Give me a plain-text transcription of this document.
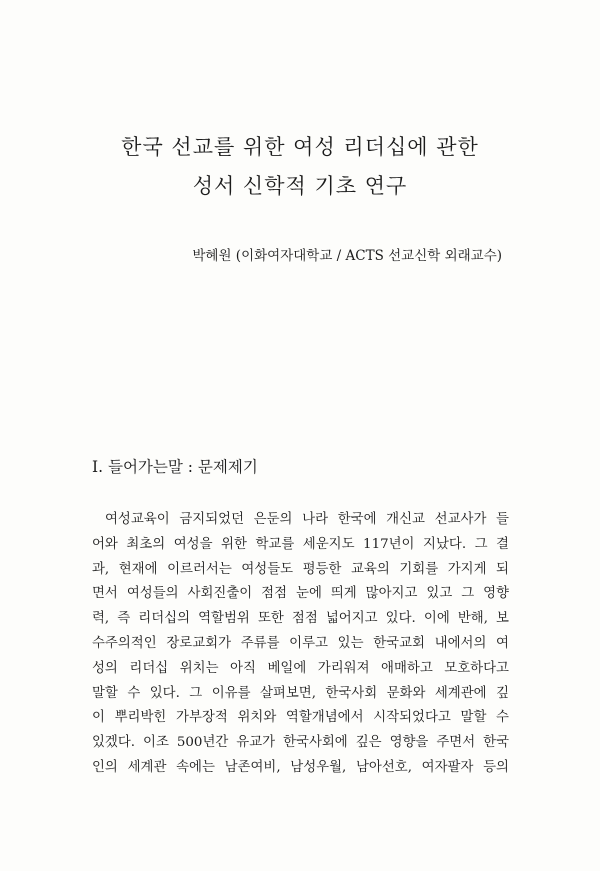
한국 선교를 위한 여성 리더십에 관한
성서 신학적 기초 연구
박혜원 (이화여자대학교 / ACTS 선교신학 외래교수)
I. 들어가는말 : 문제제기
여성교육이 금지되었던 은둔의 나라 한국에 개신교 선교사가 들
어와 최초의 여성을 위한 학교를 세운지도 117년이 지났다. 그 결
과, 현재에 이르러서는 여성들도 평등한 교육의 기회를 가지게 되
면서 여성들의 사회진출이 점점 눈에 띄게 많아지고 있고 그 영향
력, 즉 리더십의 역할범위 또한 점점 넓어지고 있다. 이에 반해, 보
수주의적인 장로교회가 주류를 이루고 있는 한국교회 내에서의 여
성의 리더십 위치는 아직 베일에 가리워져 애매하고 모호하다고
말할 수 있다. 그 이유를 살펴보면, 한국사회 문화와 세계관에 깊
이 뿌리박힌 가부장적 위치와 역할개념에서 시작되었다고 말할 수
있겠다. 이조 500년간 유교가 한국사회에 깊은 영향을 주면서 한국
인의 세계관 속에는 남존여비, 남성우월, 남아선호, 여자팔자 등의
